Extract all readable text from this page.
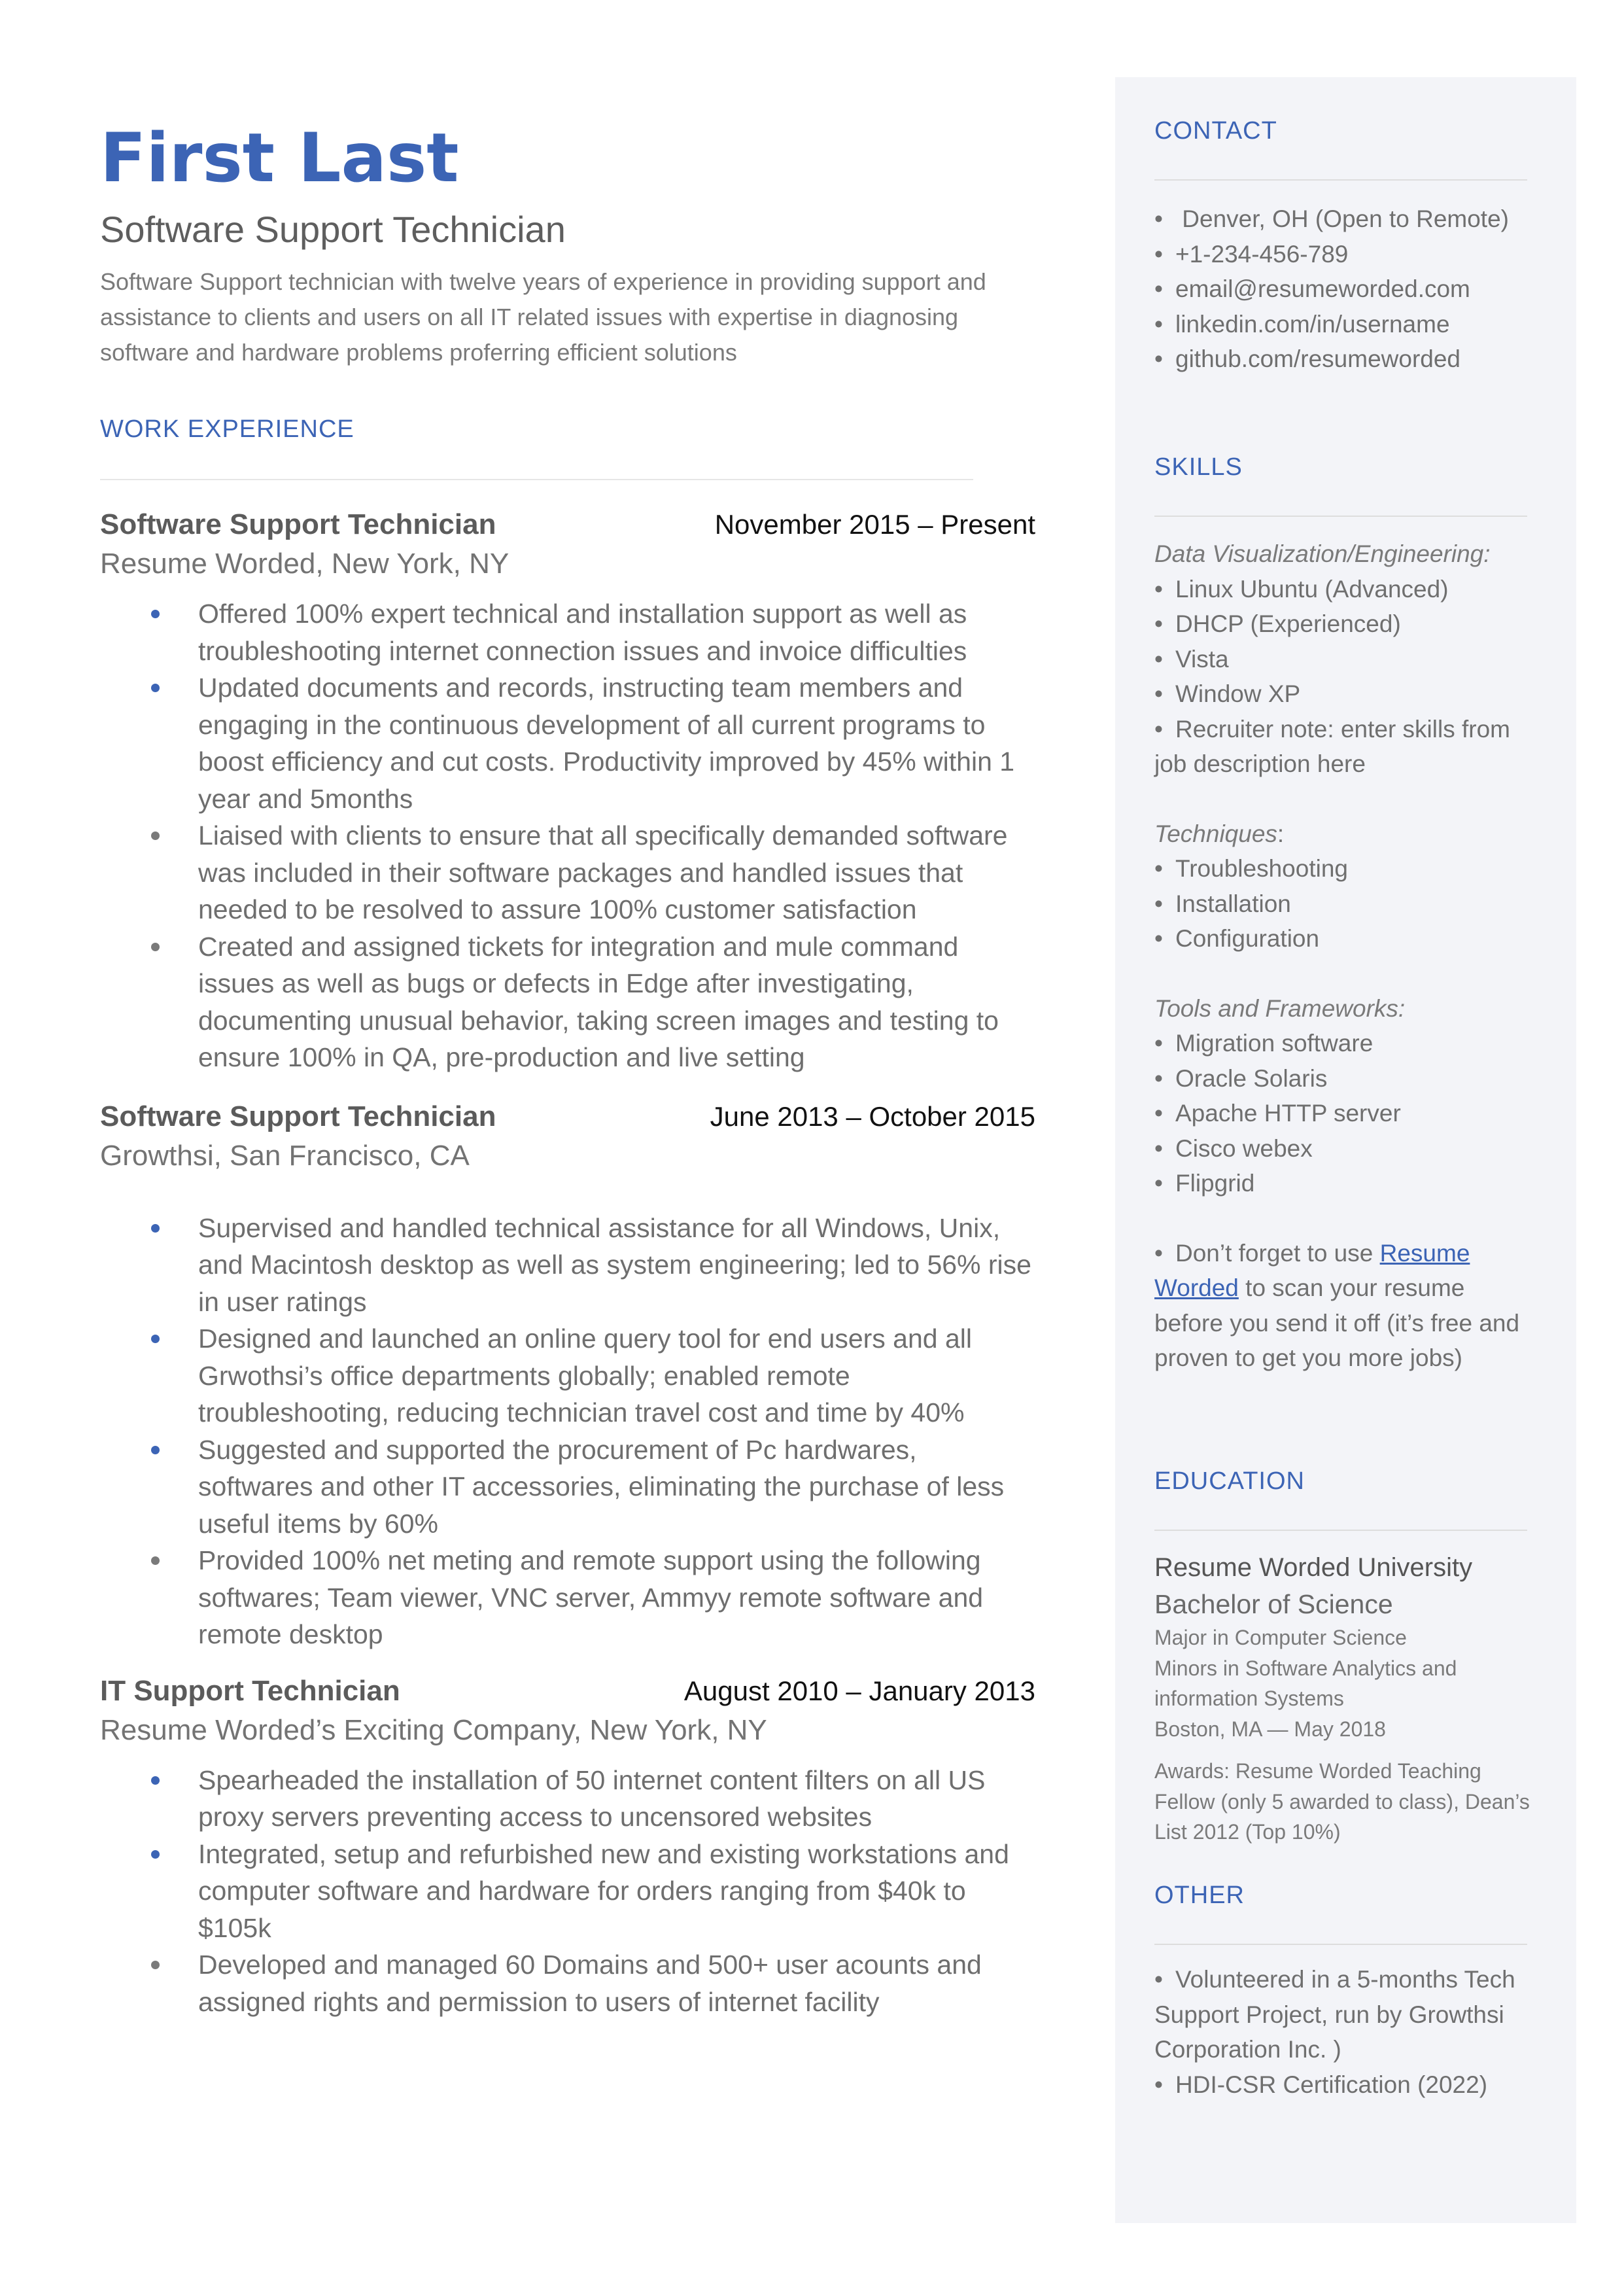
First Last
Software Support Technician
Software Support technician with twelve years of experience in providing support and assistance to clients and users on all IT related issues with expertise in diagnosing software and hardware problems proferring efficient solutions
WORK EXPERIENCE
Software Support Technician	November 2015 – Present
Resume Worded, New York, NY
Offered 100% expert technical and installation support as well as troubleshooting internet connection issues and invoice difficulties
Updated documents and records, instructing team members and engaging in the continuous development of all current programs to boost efficiency and cut costs. Productivity improved by 45% within 1 year and 5months
Liaised with clients to ensure that all specifically demanded software was included in their software packages and handled issues that needed to be resolved to assure 100% customer satisfaction
Created and assigned tickets for integration and mule command issues as well as bugs or defects in Edge after investigating, documenting unusual behavior, taking screen images and testing to ensure 100% in QA, pre-production and live setting
Software Support Technician	June 2013 – October 2015
Growthsi, San Francisco, CA
Supervised and handled technical assistance for all Windows, Unix, and Macintosh desktop as well as system engineering; led to 56% rise in user ratings
Designed and launched an online query tool for end users and all Grwothsi’s office departments globally; enabled remote troubleshooting, reducing technician travel cost and time by 40%
Suggested and supported the procurement of Pc hardwares, softwares and other IT accessories, eliminating the purchase of less useful items by 60%
Provided 100% net meting and remote support using the following softwares; Team viewer, VNC server, Ammyy remote software and remote desktop
IT Support Technician	August 2010 – January 2013
Resume Worded’s Exciting Company, New York, NY
Spearheaded the installation of 50 internet content filters on all US proxy servers preventing access to uncensored websites
Integrated, setup and refurbished new and existing workstations and computer software and hardware for orders ranging from $40k to $105k
Developed and managed 60 Domains and 500+ user acounts and assigned rights and permission to users of internet facility
CONTACT
• Denver, OH (Open to Remote)
• +1-234-456-789
• email@resumeworded.com
• linkedin.com/in/username
• github.com/resumeworded
SKILLS
Data Visualization/Engineering:
• Linux Ubuntu (Advanced)
• DHCP (Experienced)
• Vista
• Window XP
• Recruiter note: enter skills from
job description here
Techniques:
• Troubleshooting
• Installation
• Configuration
Tools and Frameworks:
• Migration software
• Oracle Solaris
• Apache HTTP server
• Cisco webex
• Flipgrid
• Don’t forget to use Resume
Worded to scan your resume
before you send it off (it’s free and
proven to get you more jobs)
EDUCATION
Resume Worded University
Bachelor of Science
Major in Computer Science
Minors in Software Analytics and
information Systems
Boston, MA — May 2018
Awards: Resume Worded Teaching
Fellow (only 5 awarded to class), Dean’s
List 2012 (Top 10%)
OTHER
• Volunteered in a 5-months Tech
Support Project, run by Growthsi
Corporation Inc. )
• HDI-CSR Certification (2022)
